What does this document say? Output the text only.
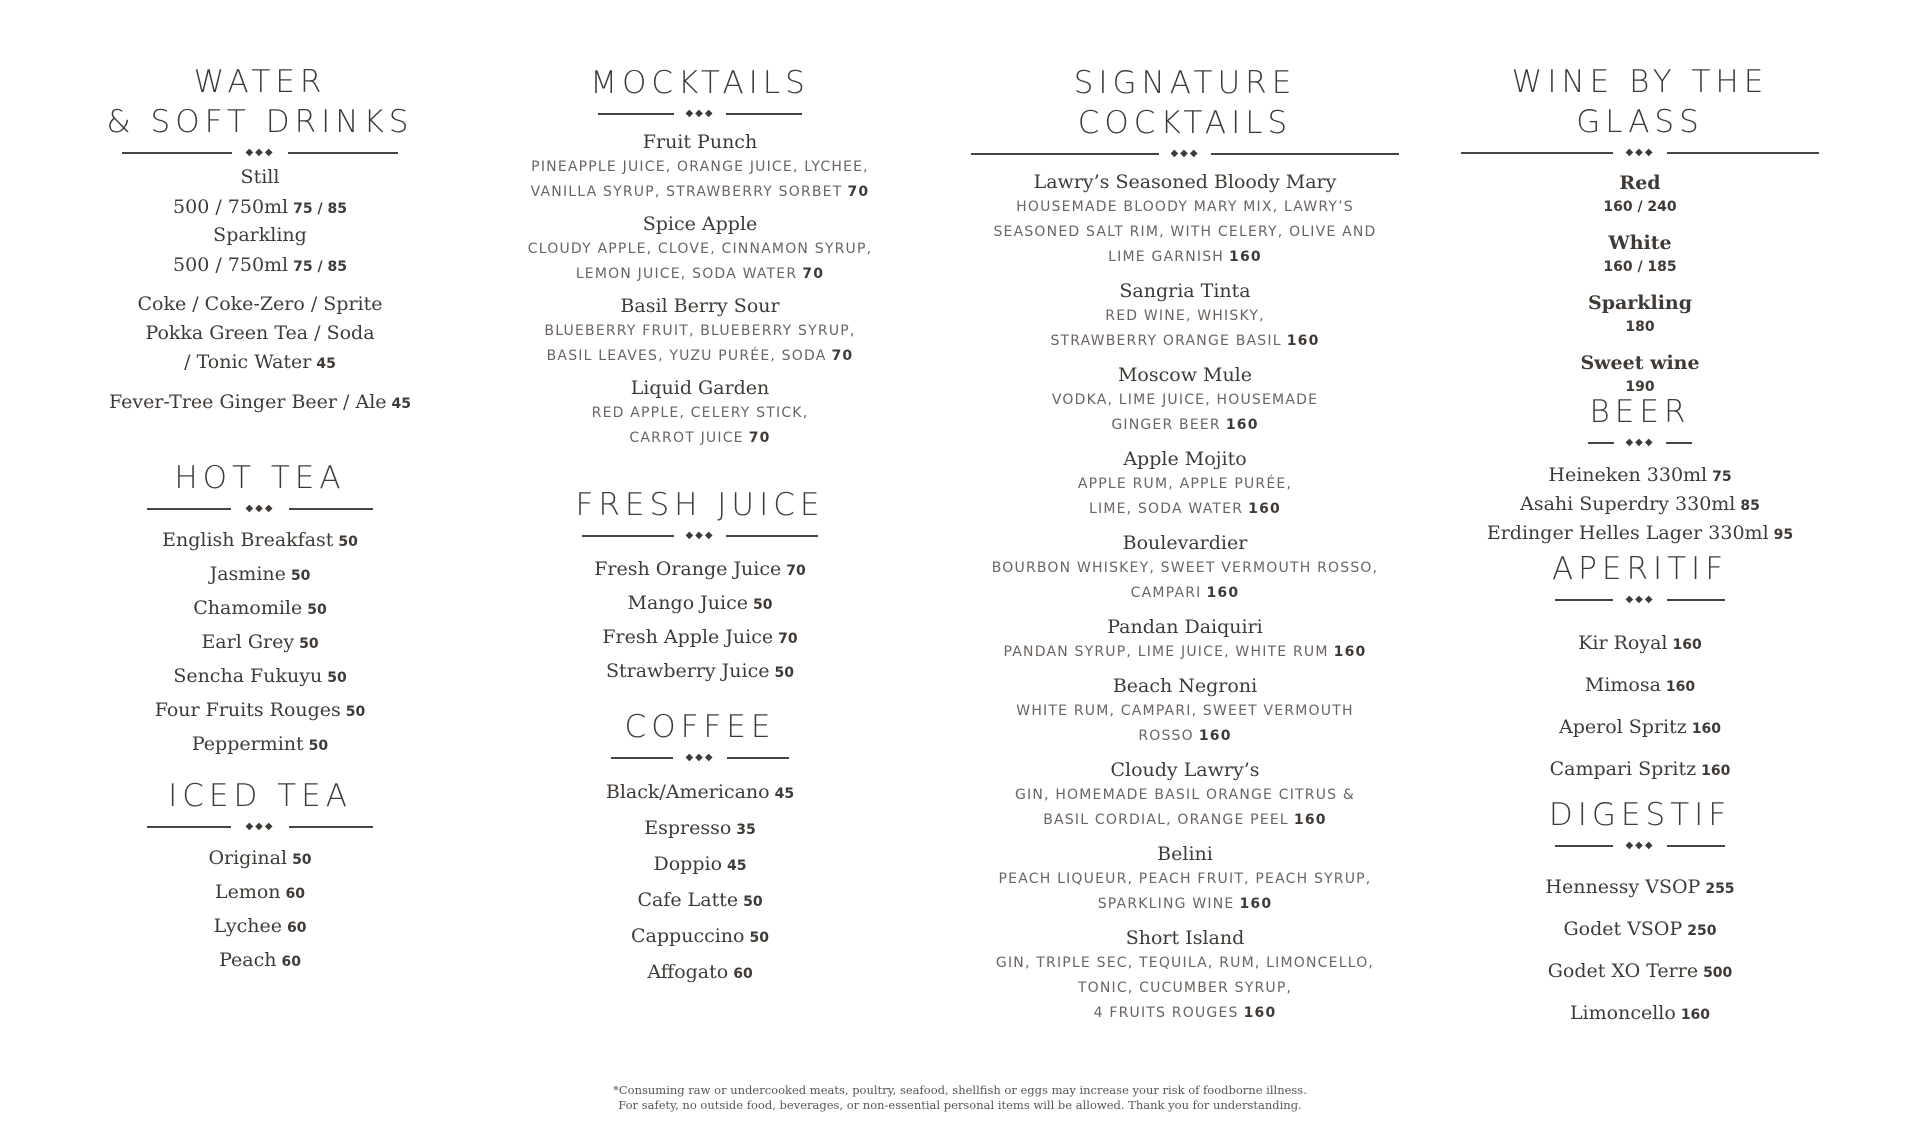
WATER
& SOFT DRINKS
◆◆◆
Still
500 / 750ml 75 / 85
Sparkling
500 / 750ml 75 / 85
Coke / Coke-Zero / Sprite
Pokka Green Tea / Soda
/ Tonic Water 45
Fever-Tree Ginger Beer / Ale 45
HOT TEA
◆◆◆
English Breakfast 50
Jasmine 50
Chamomile 50
Earl Grey 50
Sencha Fukuyu 50
Four Fruits Rouges 50
Peppermint 50
ICED TEA
◆◆◆
Original 50
Lemon 60
Lychee 60
Peach 60
MOCKTAILS
◆◆◆
Fruit Punch
PINEAPPLE JUICE, ORANGE JUICE, LYCHEE,
VANILLA SYRUP, STRAWBERRY SORBET 70
Spice Apple
CLOUDY APPLE, CLOVE, CINNAMON SYRUP,
LEMON JUICE, SODA WATER 70
Basil Berry Sour
BLUEBERRY FRUIT, BLUEBERRY SYRUP,
BASIL LEAVES, YUZU PURÉE, SODA 70
Liquid Garden
RED APPLE, CELERY STICK,
CARROT JUICE 70
FRESH JUICE
◆◆◆
Fresh Orange Juice 70
Mango Juice 50
Fresh Apple Juice 70
Strawberry Juice 50
COFFEE
◆◆◆
Black/Americano 45
Espresso 35
Doppio 45
Cafe Latte 50
Cappuccino 50
Affogato 60
SIGNATURE COCKTAILS
◆◆◆
Lawry’s Seasoned Bloody Mary
HOUSEMADE BLOODY MARY MIX, LAWRY’S
SEASONED SALT RIM, WITH CELERY, OLIVE AND
LIME GARNISH 160
Sangria Tinta
RED WINE, WHISKY,
STRAWBERRY ORANGE BASIL 160
Moscow Mule
VODKA, LIME JUICE, HOUSEMADE
GINGER BEER 160
Apple Mojito
APPLE RUM, APPLE PURÉE,
LIME, SODA WATER 160
Boulevardier
BOURBON WHISKEY, SWEET VERMOUTH ROSSO,
CAMPARI 160
Pandan Daiquiri
PANDAN SYRUP, LIME JUICE, WHITE RUM 160
Beach Negroni
WHITE RUM, CAMPARI, SWEET VERMOUTH
ROSSO 160
Cloudy Lawry’s
GIN, HOMEMADE BASIL ORANGE CITRUS &
BASIL CORDIAL, ORANGE PEEL 160
Belini
PEACH LIQUEUR, PEACH FRUIT, PEACH SYRUP,
SPARKLING WINE 160
Short Island
GIN, TRIPLE SEC, TEQUILA, RUM, LIMONCELLO,
TONIC, CUCUMBER SYRUP,
4 FRUITS ROUGES 160
WINE BY THE GLASS
◆◆◆
Red
160 / 240
White
160 / 185
Sparkling
180
Sweet wine
190
BEER
◆◆◆
Heineken 330ml 75
Asahi Superdry 330ml 85
Erdinger Helles Lager 330ml 95
APERITIF
◆◆◆
Kir Royal 160
Mimosa 160
Aperol Spritz 160
Campari Spritz 160
DIGESTIF
◆◆◆
Hennessy VSOP 255
Godet VSOP 250
Godet XO Terre 500
Limoncello 160
*Consuming raw or undercooked meats, poultry, seafood, shellfish or eggs may increase your risk of foodborne illness.
For safety, no outside food, beverages, or non-essential personal items will be allowed. Thank you for understanding.
